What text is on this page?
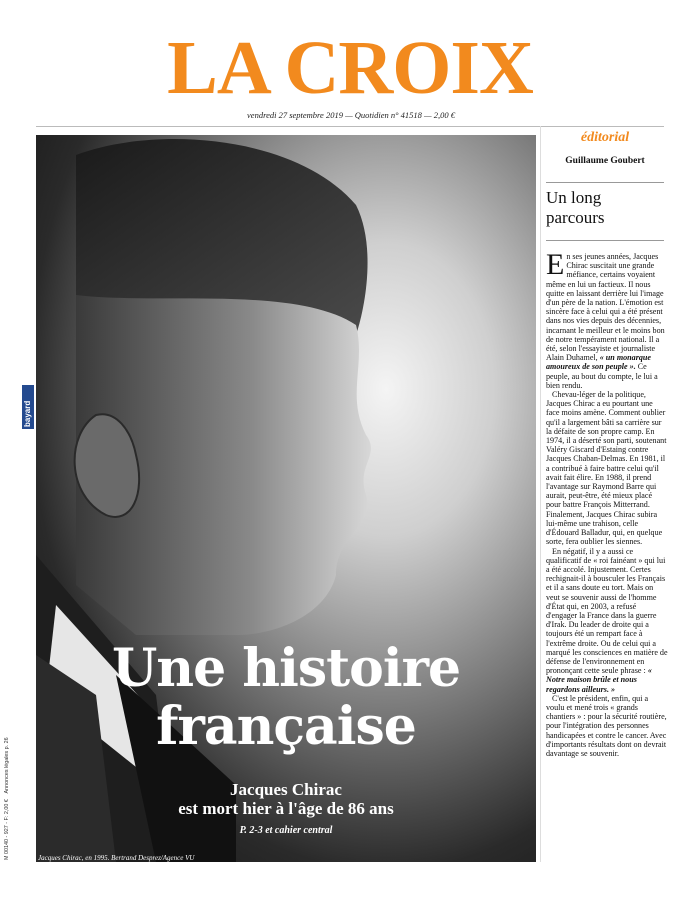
LA CROIX
vendredi 27 septembre 2019 — Quotidien n° 41518 — 2,00 €
Une histoire
française
Jacques Chirac
est mort hier à l'âge de 86 ans
P. 2-3 et cahier central
Jacques Chirac, en 1995. Bertrand Desprez/Agence VU
éditorial
Guillaume Goubert
Un long
parcours

En ses jeunes années, Jacques Chirac suscitait une grande méfiance, certains voyaient même en lui un factieux. Il nous quitte en laissant derrière lui l'image d'un père de la nation. L'émotion est sincère face à celui qui a été présent dans nos vies depuis des décennies, incarnant le meilleur et le moins bon de notre tempérament national. Il a été, selon l'essayiste et journaliste Alain Duhamel, « un monarque amoureux de son peuple ». Ce peuple, au bout du compte, le lui a bien rendu.

Chevau-léger de la politique, Jacques Chirac a eu pourtant une face moins amène. Comment oublier qu'il a largement bâti sa carrière sur la défaite de son propre camp. En 1974, il a déserté son parti, soutenant Valéry Giscard d'Estaing contre Jacques Chaban-Delmas. En 1981, il a contribué à faire battre celui qu'il avait fait élire. En 1988, il prend l'avantage sur Raymond Barre qui aurait, peut-être, été mieux placé pour battre François Mitterrand. Finalement, Jacques Chirac subira lui-même une trahison, celle d'Édouard Balladur, qui, en quelque sorte, fera oublier les siennes.

En négatif, il y a aussi ce qualificatif de « roi fainéant » qui lui a été accolé. Injustement. Certes rechignait-il à bousculer les Français et il a sans doute eu tort. Mais on veut se souvenir aussi de l'homme d'État qui, en 2003, a refusé d'engager la France dans la guerre d'Irak. Du leader de droite qui a toujours été un rempart face à l'extrême droite. Ou de celui qui a marqué les consciences en matière de défense de l'environnement en prononçant cette seule phrase : « Notre maison brûle et nous regardons ailleurs. »

C'est le président, enfin, qui a voulu et mené trois « grands chantiers » : pour la sécurité routière, pour l'intégration des personnes handicapées et contre le cancer. Avec d'importants résultats dont on devrait davantage se souvenir.

bayard
M 00140 - 927 - F: 2,00 €    Annonces légales p. 26
